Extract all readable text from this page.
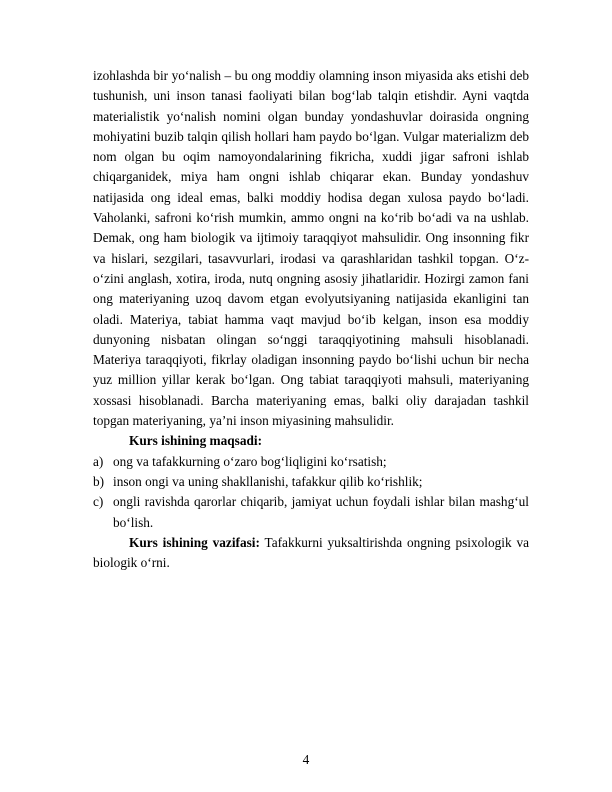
izohlashda bir yoʻnalish – bu ong moddiy olamning inson miyasida aks etishi deb
tushunish, uni inson tanasi faoliyati bilan bogʻlab talqin etishdir. Ayni vaqtda
materialistik yoʻnalish nomini olgan bunday yondashuvlar doirasida ongning
mohiyatini buzib talqin qilish hollari ham paydo boʻlgan. Vulgar materializm deb
nom olgan bu oqim namoyondalarining fikricha, xuddi jigar safroni ishlab
chiqarganidek, miya ham ongni ishlab chiqarar ekan. Bunday yondashuv
natijasida ong ideal emas, balki moddiy hodisa degan xulosa paydo boʻladi.
Vaholanki, safroni koʻrish mumkin, ammo ongni na koʻrib boʻadi va na ushlab.
Demak, ong ham biologik va ijtimoiy taraqqiyot mahsulidir. Ong insonning fikr
va hislari, sezgilari, tasavvurlari, irodasi va qarashlaridan tashkil topgan. Oʻz-
oʻzini anglash, xotira, iroda, nutq ongning asosiy jihatlaridir. Hozirgi zamon fani
ong materiyaning uzoq davom etgan evolyutsiyaning natijasida ekanligini tan
oladi. Materiya, tabiat hamma vaqt mavjud boʻib kelgan, inson esa moddiy
dunyoning nisbatan olingan soʻnggi taraqqiyotining mahsuli hisoblanadi.
Materiya taraqqiyoti, fikrlay oladigan insonning paydo boʻlishi uchun bir necha
yuz million yillar kerak boʻlgan. Ong tabiat taraqqiyoti mahsuli, materiyaning
xossasi hisoblanadi. Barcha materiyaning emas, balki oliy darajadan tashkil
topgan materiyaning, ya’ni inson miyasining mahsulidir.
Kurs ishining maqsadi:
a) ong va tafakkurning oʻzaro bogʻliqligini koʻrsatish;
b) inson ongi va uning shakllanishi, tafakkur qilib koʻrishlik;
c) ongli ravishda qarorlar chiqarib, jamiyat uchun foydali ishlar bilan mashgʻul
boʻlish.
Kurs ishining vazifasi: Tafakkurni yuksaltirishda ongning psixologik va
biologik oʻrni.
4
